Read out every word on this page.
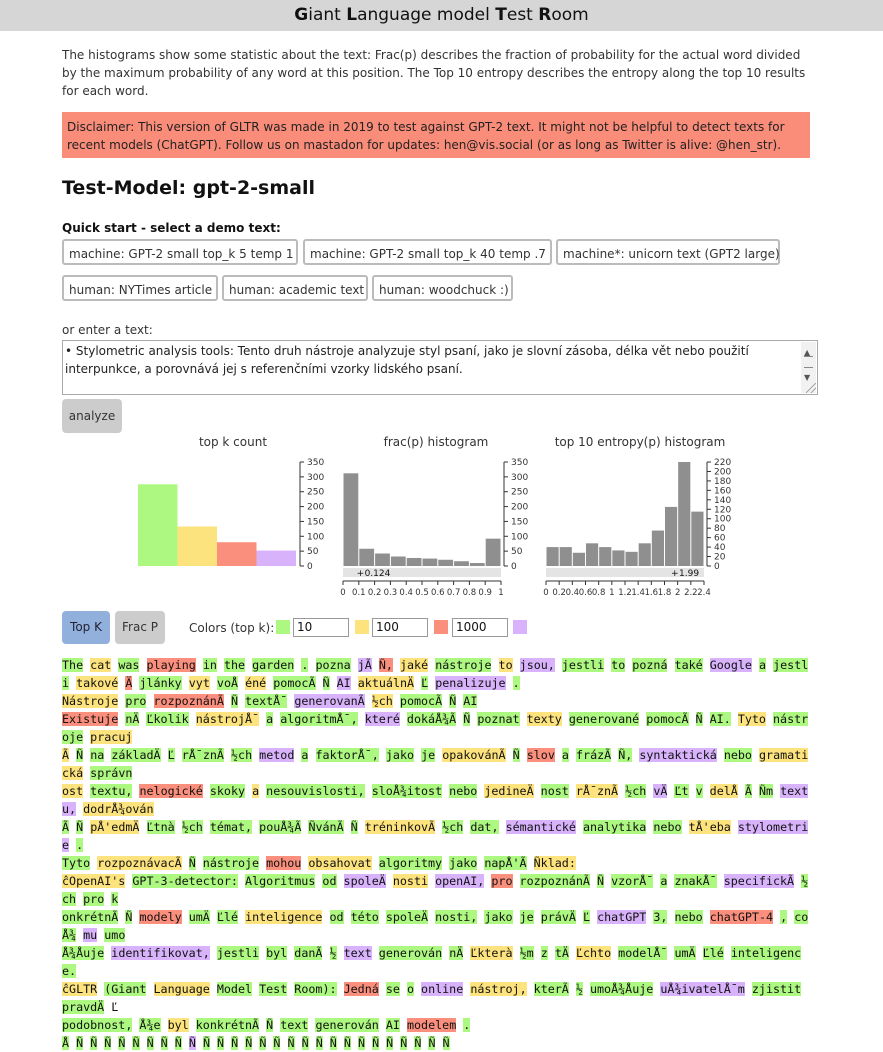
Giant Language model Test Room
The histograms show some statistic about the text: Frac(p) describes the fraction of probability for the actual word divided by the maximum probability of any word at this position. The Top 10 entropy describes the entropy along the top 10 results for each word.
Disclaimer: This version of GLTR was made in 2019 to test against GPT-2 text. It might not be helpful to detect texts for recent models (ChatGPT). Follow us on mastadon for updates: hen@vis.social (or as long as Twitter is alive: @hen_str).
Test-Model: gpt-2-small
Quick start - select a demo text:
machine: GPT-2 small top_k 5 temp 1	machine: GPT-2 small top_k 40 temp .7	machine*: unicorn text (GPT2 large)
human: NYTimes article	human: academic text	human: woodchuck :)
or enter a text:
• Stylometric analysis tools: Tento druh nástroje analyzuje styl psaní, jako je slovní zásoba, délka vět nebo použití interpunkce, a porovnává jej s referenčními vzorky lidského psaní.
▲
▼
analyze
top k count	frac(p) histogram	top 10 entropy(p) histogram
350
300
250
200
150
100
50
0
350
300
250
200
150
100
50
0
+ 0.124
0 0.1 0.2 0.3 0.4 0.5 0.6 0.7 0.8 0.9 1
220
200
180
160
140
120
100
80
60
40
20
0
+ 1.99
0 0.2 0.4 0.6 0.8 1 1.2 1.4 1.6 1.8 2 2.2 2.4
Top K	Frac P	Colors (top k):	10	100	1000
The cat was playing in the garden . pozna jÃ Ñ, jaké nástroje to jsou, jestli to pozná také Google a jestli takové Ä jlánky vyt voÅ éné pomocÃ Ñ AI aktuálnÄ Ľ penalizuje .
Nástroje pro rozpoznánÃ Ñ textÅ¯ generovanÃ ½ch pomocÃ Ñ AI
Existuje nÄ Ľkolik nástrojÅ¯ a algoritmÅ¯, které dokáÅ¾Ã Ñ poznat texty generované pomocÃ Ñ AI. Tyto nástroje pracuj
Ã Ñ na základÄ Ľ rÅ¯znÃ ½ch metod a faktorÅ¯, jako je opakovánÃ Ñ slov a frázÃ Ñ, syntaktická nebo gramatická správn
ost textu, nelogické skoky a nesouvislosti, sloÅ¾itost nebo jedineÄ nost rÅ¯znÃ ½ch vÄ Ľt v delÅ Ã Ñm textu, dodrÅ¾ován
Ã Ñ pÅ'edmÄ Ľtnà ½ch témat, pouÅ¾Ã ÑvánÃ Ñ tréninkovÃ ½ch dat, sémantické analytika nebo tÅ'eba stylometrie .
Tyto rozpoznávacÃ Ñ nástroje mohou obsahovat algoritmy jako napÅ'Ã Ñklad:
ĉOpenAI's GPT-3-detector: Algoritmus od spoleÄ nosti openAI, pro rozpoznánÃ Ñ vzorÅ¯ a znakÅ¯ specifickÃ ½ch pro k
onkrétnÃ Ñ modely umÄ Ľlé inteligence od této spoleÄ nosti, jako je právÄ Ľ chatGPT 3, nebo chatGPT-4 , coÅ¾ mu umo
Å¾Åuje identifikovat, jestli byl danÃ ½ text generován nÄ Ľkterà ½m z tÄ Ľchto modelÅ¯ umÄ Ľlé inteligence.
ĉGLTR (Giant Language Model Test Room): Jedná se o online nástroj, kterÃ ½ umoÅ¾Åuje uÅ¾ivatelÅ¯m zjistit pravdÄ Ľ
podobnost, Å¾e byl konkrétnÃ Ñ text generován AI modelem .
Å Ñ Ñ Ñ Ñ Ñ Ñ Ñ Ñ Ñ Ñ Ñ Ñ Ñ Ñ Ñ Ñ Ñ Ñ Ñ Ñ Ñ Ñ Ñ Ñ Ñ Ñ Ñ
